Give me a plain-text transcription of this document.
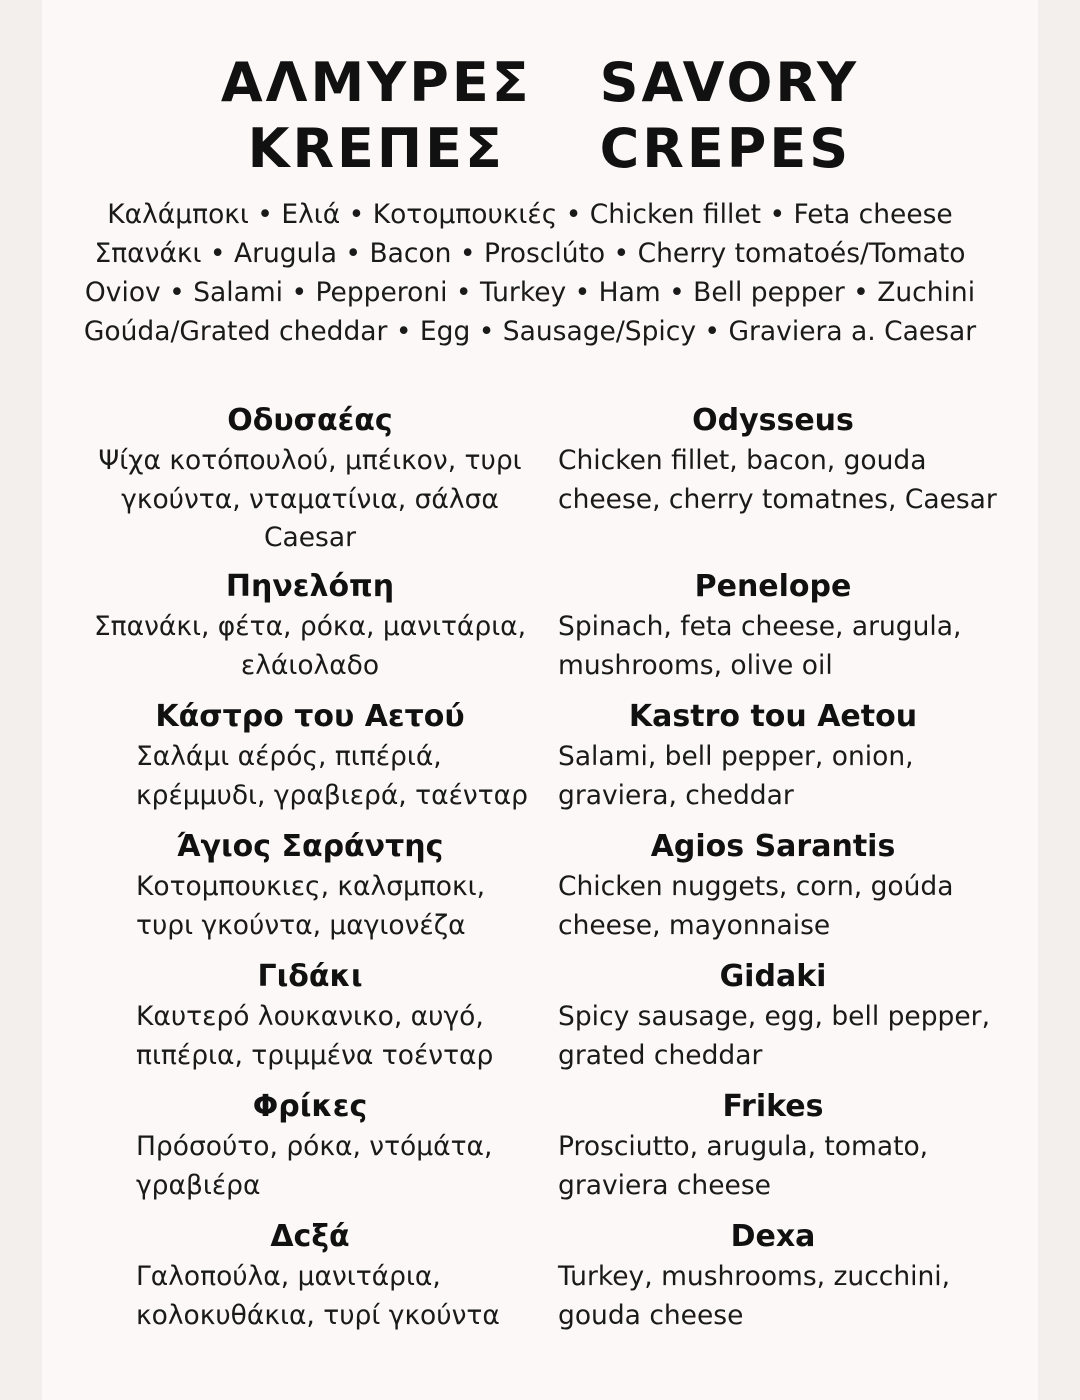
ΑΛΜΥΡΕΣ
KREΠΕΣ
SAVORY
CREPES
Καλάμποκι • Ελιά • Κοτομπουκιές • Chicken fillet • Feta cheese
Σπανάκι • Arugula • Bacon • Prosclúto • Cherry tomatoés/Tomato
Oviov • Salami • Pepperoni • Turkey • Ham • Bell pepper • Zuchini
Goúda/Grated cheddar • Egg • Sausage/Spicy • Graviera a. Caesar
Οδυσαέας
Ψίχα κοτόπουλού, μπέικον, τυρι γκούντα, νταματίνια, σάλσα Caesar
Πηνελόπη
Σπανάκι, φέτα, ρόκα, μανιτάρια, ελάιολαδο
Κάστρο του Αετού
Σαλάμι αέρός, πιπέριά, κρέμμυδι, γραβιερά, ταένταρ
Άγιος Σαράντης
Κοτομπουκιες, καλσμποκι, τυρι γκούντα, μαγιονέζα
Γιδάκι
Καυτερό λουκανικο, αυγό, πιπέρια, τριμμένα τοένταρ
Φρίκες
Πρόσούτο, ρόκα, ντόμάτα, γραβιέρα
Δcξά
Γαλοπούλα, μανιτάρια, κολοκυθάκια, τυρί γκούντα
Odysseus
Chicken fillet, bacon, gouda cheese, cherry tomatnes, Caesar
Penelope
Spinach, feta cheese, arugula, mushrooms, olive oil
Kastro tou Aetou
Salami, bell pepper, onion, graviera, cheddar
Agios Sarantis
Chicken nuggets, corn, goúda cheese, mayonnaise
Gidaki
Spicy sausage, egg, bell pepper, grated cheddar
Frikes
Prosciutto, arugula, tomato, graviera cheese
Dexa
Turkey, mushrooms, zucchini, gouda cheese
